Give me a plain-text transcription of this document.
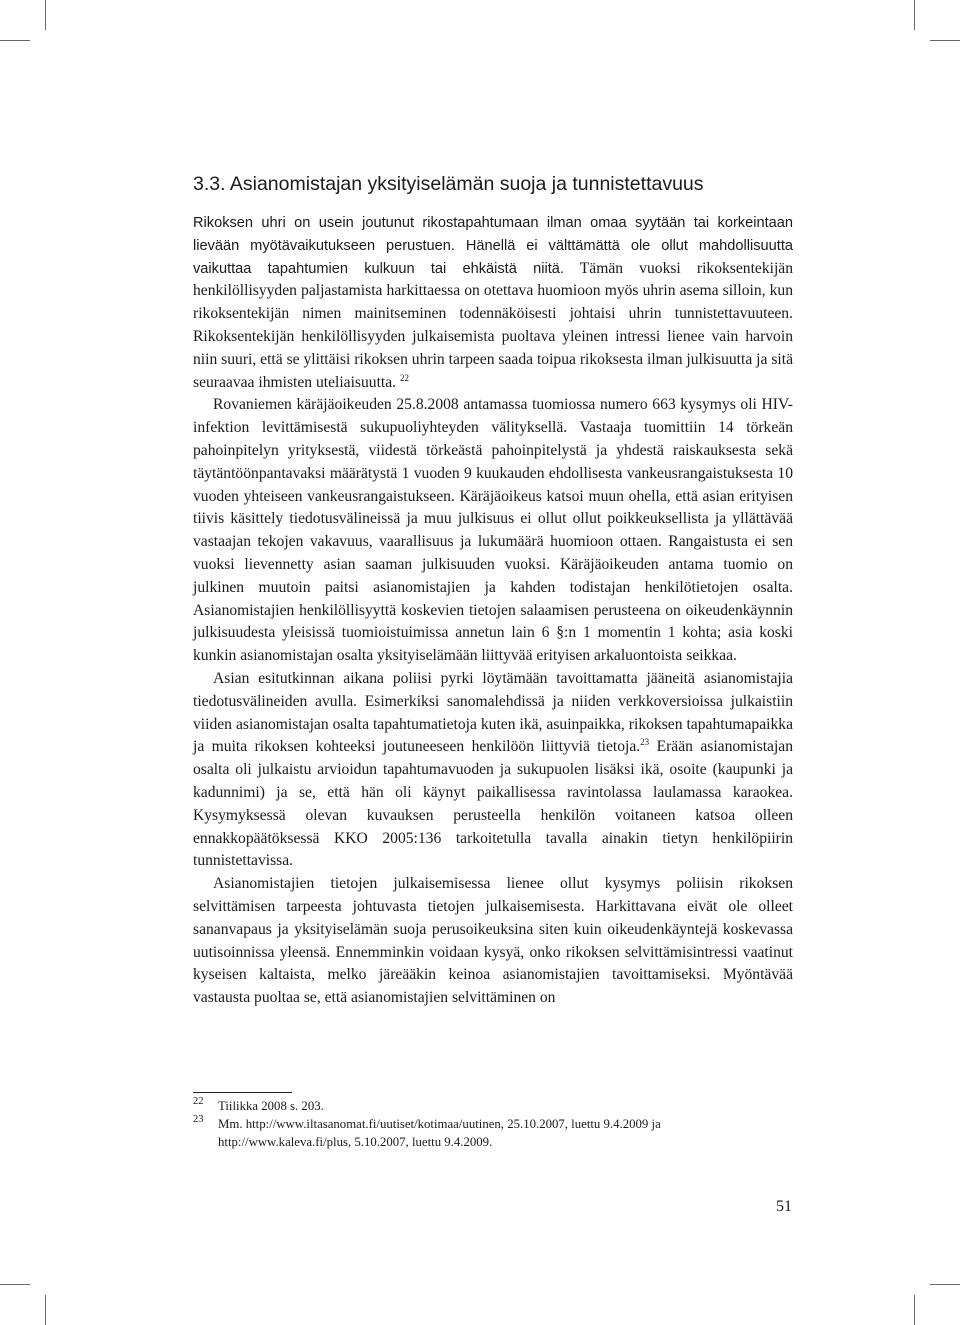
3.3. Asianomistajan yksityiselämän suoja ja tunnistettavuus

Rikoksen uhri on usein joutunut rikostapahtumaan ilman omaa syytään tai korkeintaan lievään myötävaikutukseen perustuen. Hänellä ei välttämättä ole ollut mahdollisuutta vaikuttaa tapahtumien kulkuun tai ehkäistä niitä. Tämän vuoksi rikoksentekijän henkilöllisyyden paljastamista harkittaessa on otettava huomioon myös uhrin asema silloin, kun rikoksentekijän nimen mainitseminen todennäköisesti johtaisi uhrin tunnistettavuuteen. Rikoksentekijän henkilöllisyyden julkaisemista puoltava yleinen intressi lienee vain harvoin niin suuri, että se ylittäisi rikoksen uhrin tarpeen saada toipua rikoksesta ilman julkisuutta ja sitä seuraavaa ihmisten uteliaisuutta. $^{22}$

Rovaniemen käräjäoikeuden 25.8.2008 antamassa tuomiossa numero 663 kysymys oli HIV-infektion levittämisestä sukupuoliyhteyden välityksellä. Vastaaja tuomittiin 14 törkeän pahoinpitelyn yrityksestä, viidestä törkeästä pahoinpitelystä ja yhdestä raiskauksesta sekä täytäntöönpantavaksi määrätystä 1 vuoden 9 kuukauden ehdollisesta vankeusrangaistuksesta 10 vuoden yhteiseen vankeusrangaistukseen. Käräjäoikeus katsoi muun ohella, että asian erityisen tiivis käsittely tiedotusvälineissä ja muu julkisuus ei ollut ollut poikkeuksellista ja yllättävää vastaajan tekojen vakavuus, vaarallisuus ja lukumäärä huomioon ottaen. Rangaistusta ei sen vuoksi lievennetty asian saaman julkisuuden vuoksi. Käräjäoikeuden antama tuomio on julkinen muutoin paitsi asianomistajien ja kahden todistajan henkilötietojen osalta. Asianomistajien henkilöllisyyttä koskevien tietojen salaamisen perusteena on oikeudenkäynnin julkisuudesta yleisissä tuomioistuimissa annetun lain 6 §:n 1 momentin 1 kohta; asia koski kunkin asianomistajan osalta yksityiselämään liittyvää erityisen arkaluontoista seikkaa.

Asian esitutkinnan aikana poliisi pyrki löytämään tavoittamatta jääneitä asianomistajia tiedotusvälineiden avulla. Esimerkiksi sanomalehdissä ja niiden verkkoversioissa julkaistiin viiden asianomistajan osalta tapahtumatietoja kuten ikä, asuinpaikka, rikoksen tapahtumapaikka ja muita rikoksen kohteeksi joutuneeseen henkilöön liittyviä tietoja.$^{23}$ Erään asianomistajan osalta oli julkaistu arvioidun tapahtumavuoden ja sukupuolen lisäksi ikä, osoite (kaupunki ja kadunnimi) ja se, että hän oli käynyt paikallisessa ravintolassa laulamassa karaokea. Kysymyksessä olevan kuvauksen perusteella henkilön voitaneen katsoa olleen ennakkopäätöksessä KKO 2005:136 tarkoitetulla tavalla ainakin tietyn henkilöpiirin tunnistettavissa.

Asianomistajien tietojen julkaisemisessa lienee ollut kysymys poliisin rikoksen selvittämisen tarpeesta johtuvasta tietojen julkaisemisesta. Harkittavana eivät ole olleet sananvapaus ja yksityiselämän suoja perusoikeuksina siten kuin oikeudenkäyntejä koskevassa uutisoinnissa yleensä. Ennemminkin voidaan kysyä, onko rikoksen selvittämisintressi vaatinut kyseisen kaltaista, melko järeääkin keinoa asianomistajien tavoittamiseksi. Myöntävää vastausta puoltaa se, että asianomistajien selvittäminen on

22 Tiilikka 2008 s. 203.

23 Mm. http://www.iltasanomat.fi/uutiset/kotimaa/uutinen, 25.10.2007, luettu 9.4.2009 ja http://www.kaleva.fi/plus, 5.10.2007, luettu 9.4.2009.

51
